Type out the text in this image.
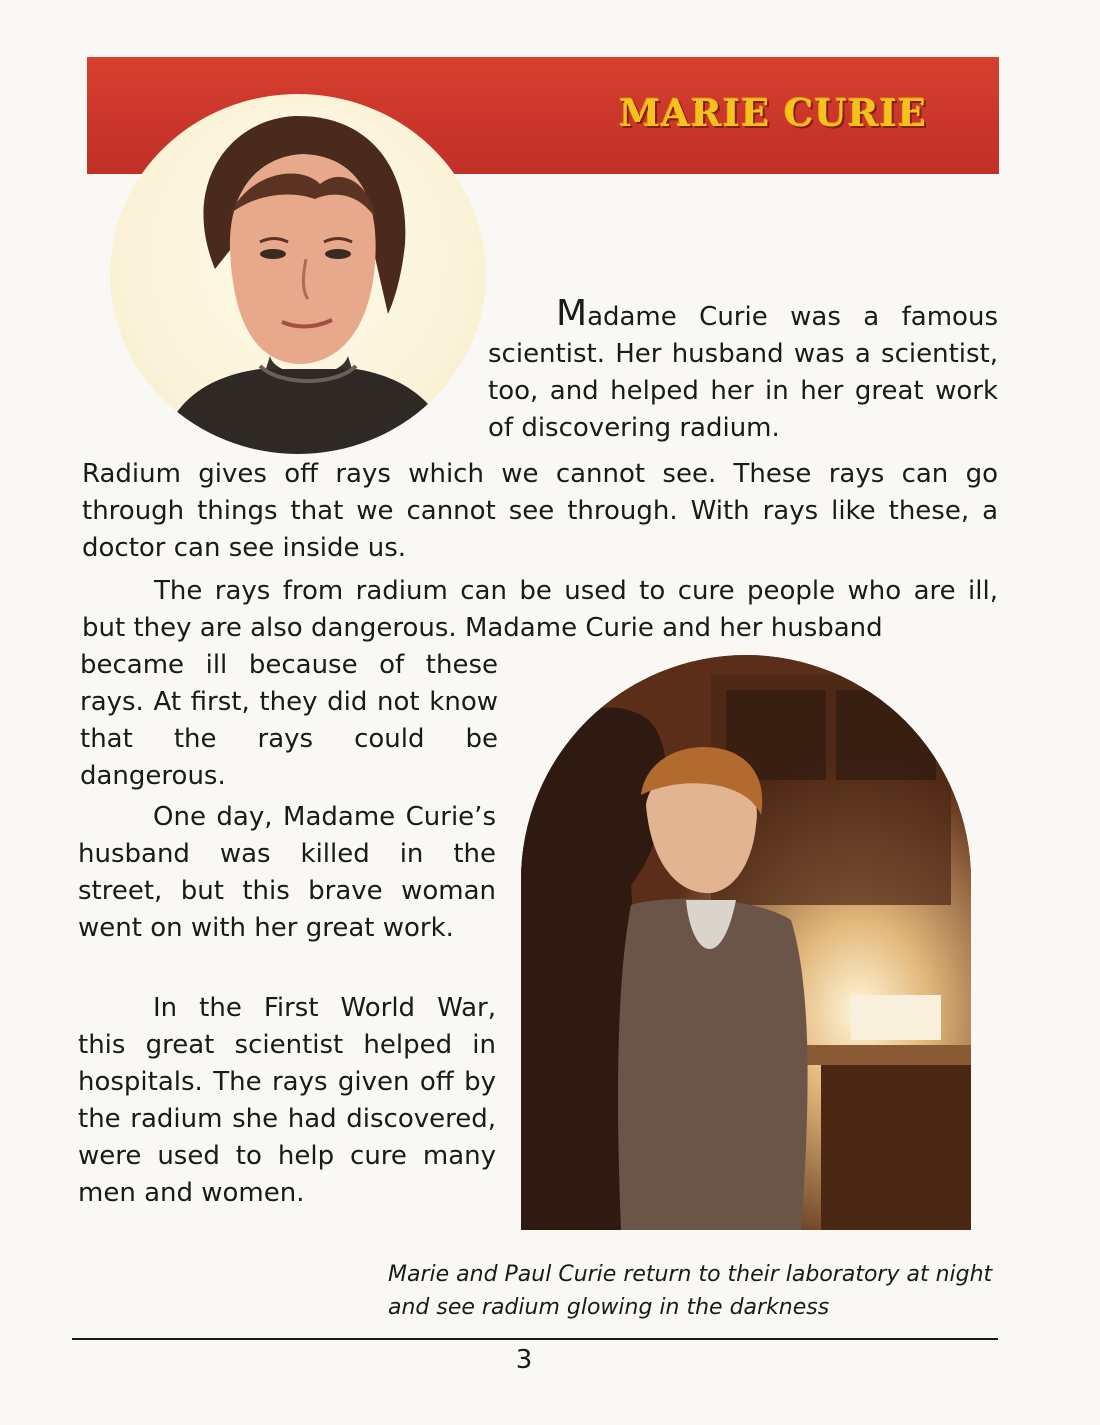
MARIE CURIE

Madame Curie was a famous scientist. Her husband was a scientist, too, and helped her in her great work of discovering radium.

Radium gives off rays which we cannot see. These rays can go through things that we cannot see through. With rays like these, a doctor can see inside us.

The rays from radium can be used to cure people who are ill, but they are also dangerous. Madame Curie and her husband

became ill because of these rays. At first, they did not know that the rays could be dangerous.

One day, Madame Curie’s husband was killed in the street, but this brave woman went on with her great work.

In the First World War, this great scientist helped in hospitals. The rays given off by the radium she had discovered, were used to help cure many men and women.

Marie and Paul Curie return to their laboratory at night and see radium glowing in the darkness

3
